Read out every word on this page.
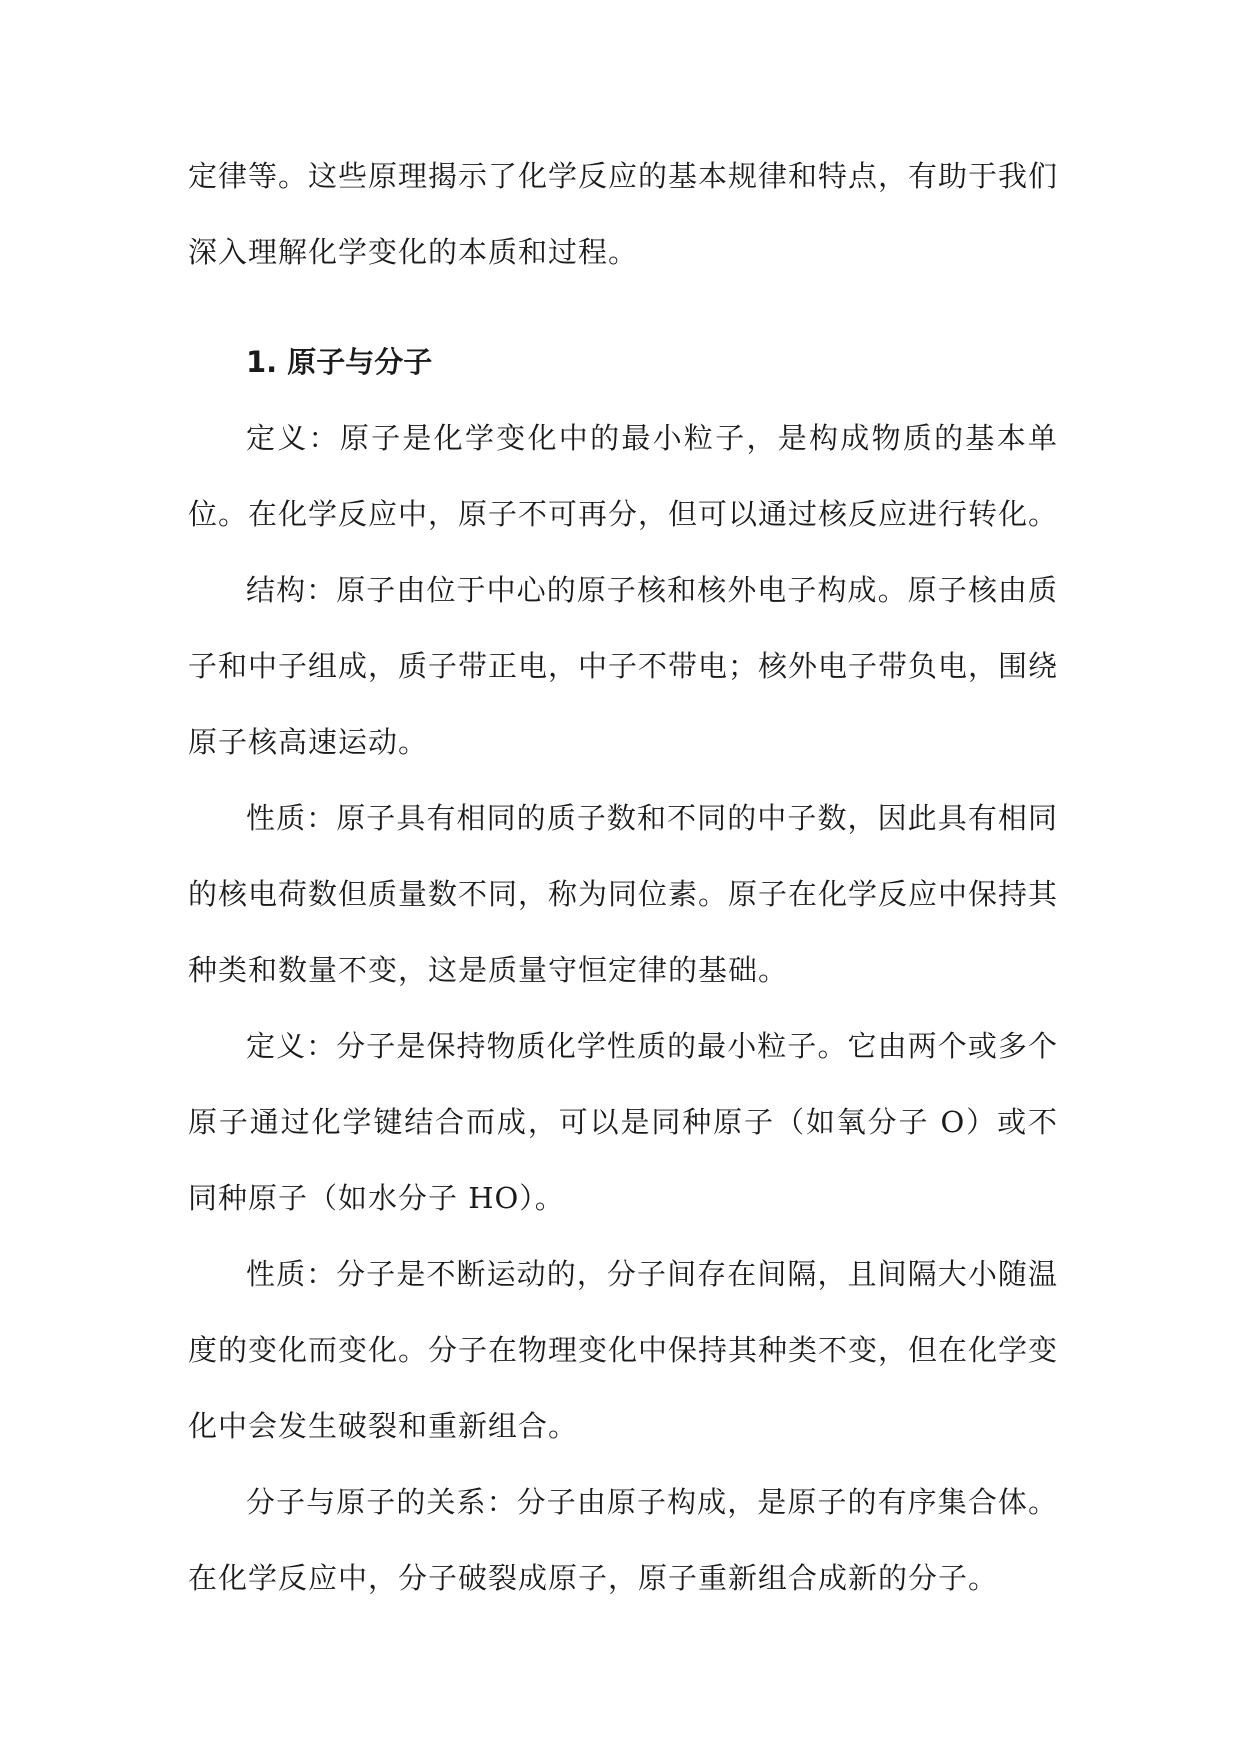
定律等。这些原理揭示了化学反应的基本规律和特点，有助于我们深入理解化学变化的本质和过程。

1. 原子与分子

定义：原子是化学变化中的最小粒子，是构成物质的基本单位。在化学反应中，原子不可再分，但可以通过核反应进行转化。

结构：原子由位于中心的原子核和核外电子构成。原子核由质子和中子组成，质子带正电，中子不带电；核外电子带负电，围绕原子核高速运动。

性质：原子具有相同的质子数和不同的中子数，因此具有相同的核电荷数但质量数不同，称为同位素。原子在化学反应中保持其种类和数量不变，这是质量守恒定律的基础。

定义：分子是保持物质化学性质的最小粒子。它由两个或多个原子通过化学键结合而成，可以是同种原子（如氧分子 O）或不同种原子（如水分子 HO）。

性质：分子是不断运动的，分子间存在间隔，且间隔大小随温度的变化而变化。分子在物理变化中保持其种类不变，但在化学变化中会发生破裂和重新组合。

分子与原子的关系：分子由原子构成，是原子的有序集合体。在化学反应中，分子破裂成原子，原子重新组合成新的分子。
